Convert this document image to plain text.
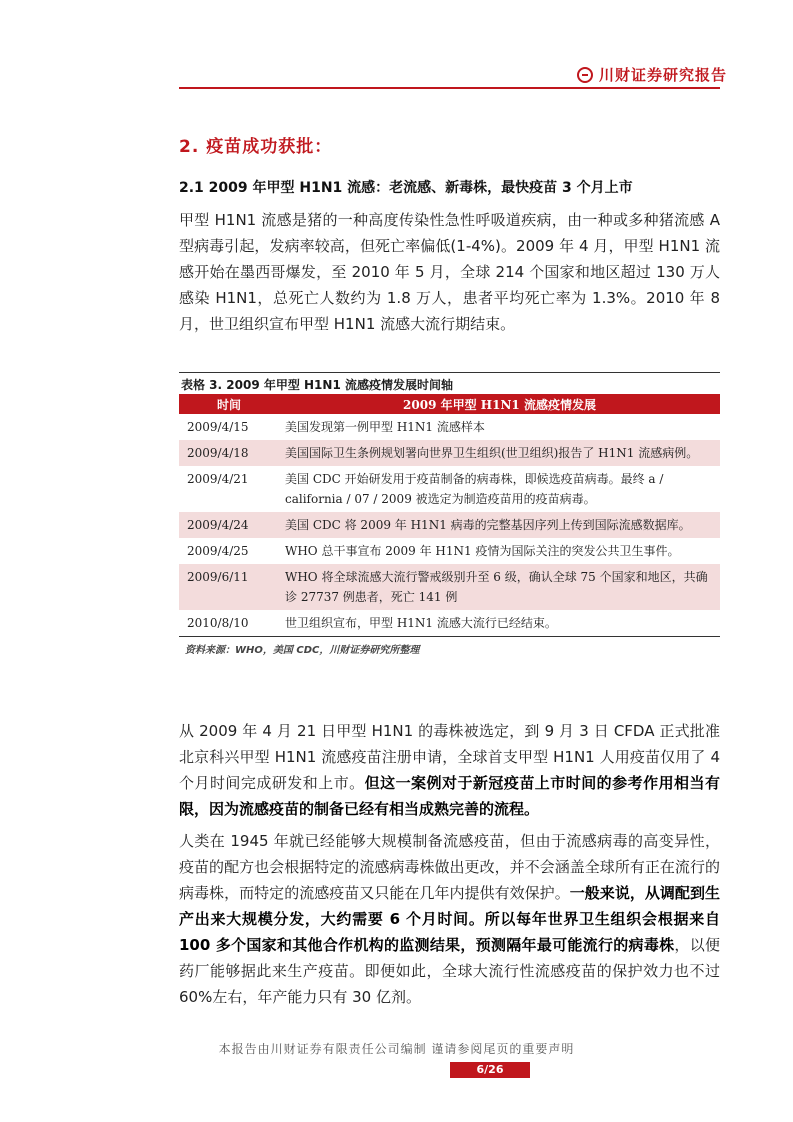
川财证券研究报告
2. 疫苗成功获批：
2.1 2009 年甲型 H1N1 流感：老流感、新毒株，最快疫苗 3 个月上市

甲型 H1N1 流感是猪的一种高度传染性急性呼吸道疾病，由一种或多种猪流感 A 型病毒引起，发病率较高，但死亡率偏低(1-4%)。2009 年 4 月，甲型 H1N1 流感开始在墨西哥爆发，至 2010 年 5 月，全球 214 个国家和地区超过 130 万人感染 H1N1，总死亡人数约为 1.8 万人，患者平均死亡率为 1.3%。2010 年 8 月，世卫组织宣布甲型 H1N1 流感大流行期结束。

表格 3. 2009 年甲型 H1N1 流感疫情发展时间轴
时间	2009 年甲型 H1N1 流感疫情发展
2009/4/15	美国发现第一例甲型 H1N1 流感样本
2009/4/18	美国国际卫生条例规划署向世界卫生组织(世卫组织)报告了 H1N1 流感病例。
2009/4/21	美国 CDC 开始研发用于疫苗制备的病毒株，即候选疫苗病毒。最终 a / california / 07 / 2009 被选定为制造疫苗用的疫苗病毒。
2009/4/24	美国 CDC 将 2009 年 H1N1 病毒的完整基因序列上传到国际流感数据库。
2009/4/25	WHO 总干事宣布 2009 年 H1N1 疫情为国际关注的突发公共卫生事件。
2009/6/11	WHO 将全球流感大流行警戒级别升至 6 级，确认全球 75 个国家和地区，共确诊 27737 例患者，死亡 141 例
2010/8/10	世卫组织宣布，甲型 H1N1 流感大流行已经结束。
资料来源：WHO，美国 CDC，川财证券研究所整理

从 2009 年 4 月 21 日甲型 H1N1 的毒株被选定，到 9 月 3 日 CFDA 正式批准北京科兴甲型 H1N1 流感疫苗注册申请，全球首支甲型 H1N1 人用疫苗仅用了 4 个月时间完成研发和上市。但这一案例对于新冠疫苗上市时间的参考作用相当有限，因为流感疫苗的制备已经有相当成熟完善的流程。

人类在 1945 年就已经能够大规模制备流感疫苗，但由于流感病毒的高变异性，疫苗的配方也会根据特定的流感病毒株做出更改，并不会涵盖全球所有正在流行的病毒株，而特定的流感疫苗又只能在几年内提供有效保护。一般来说，从调配到生产出来大规模分发，大约需要 6 个月时间。所以每年世界卫生组织会根据来自 100 多个国家和其他合作机构的监测结果，预测隔年最可能流行的病毒株，以便药厂能够据此来生产疫苗。即便如此，全球大流行性流感疫苗的保护效力也不过 60%左右，年产能力只有 30 亿剂。

本报告由川财证券有限责任公司编制 谨请参阅尾页的重要声明
6/26
